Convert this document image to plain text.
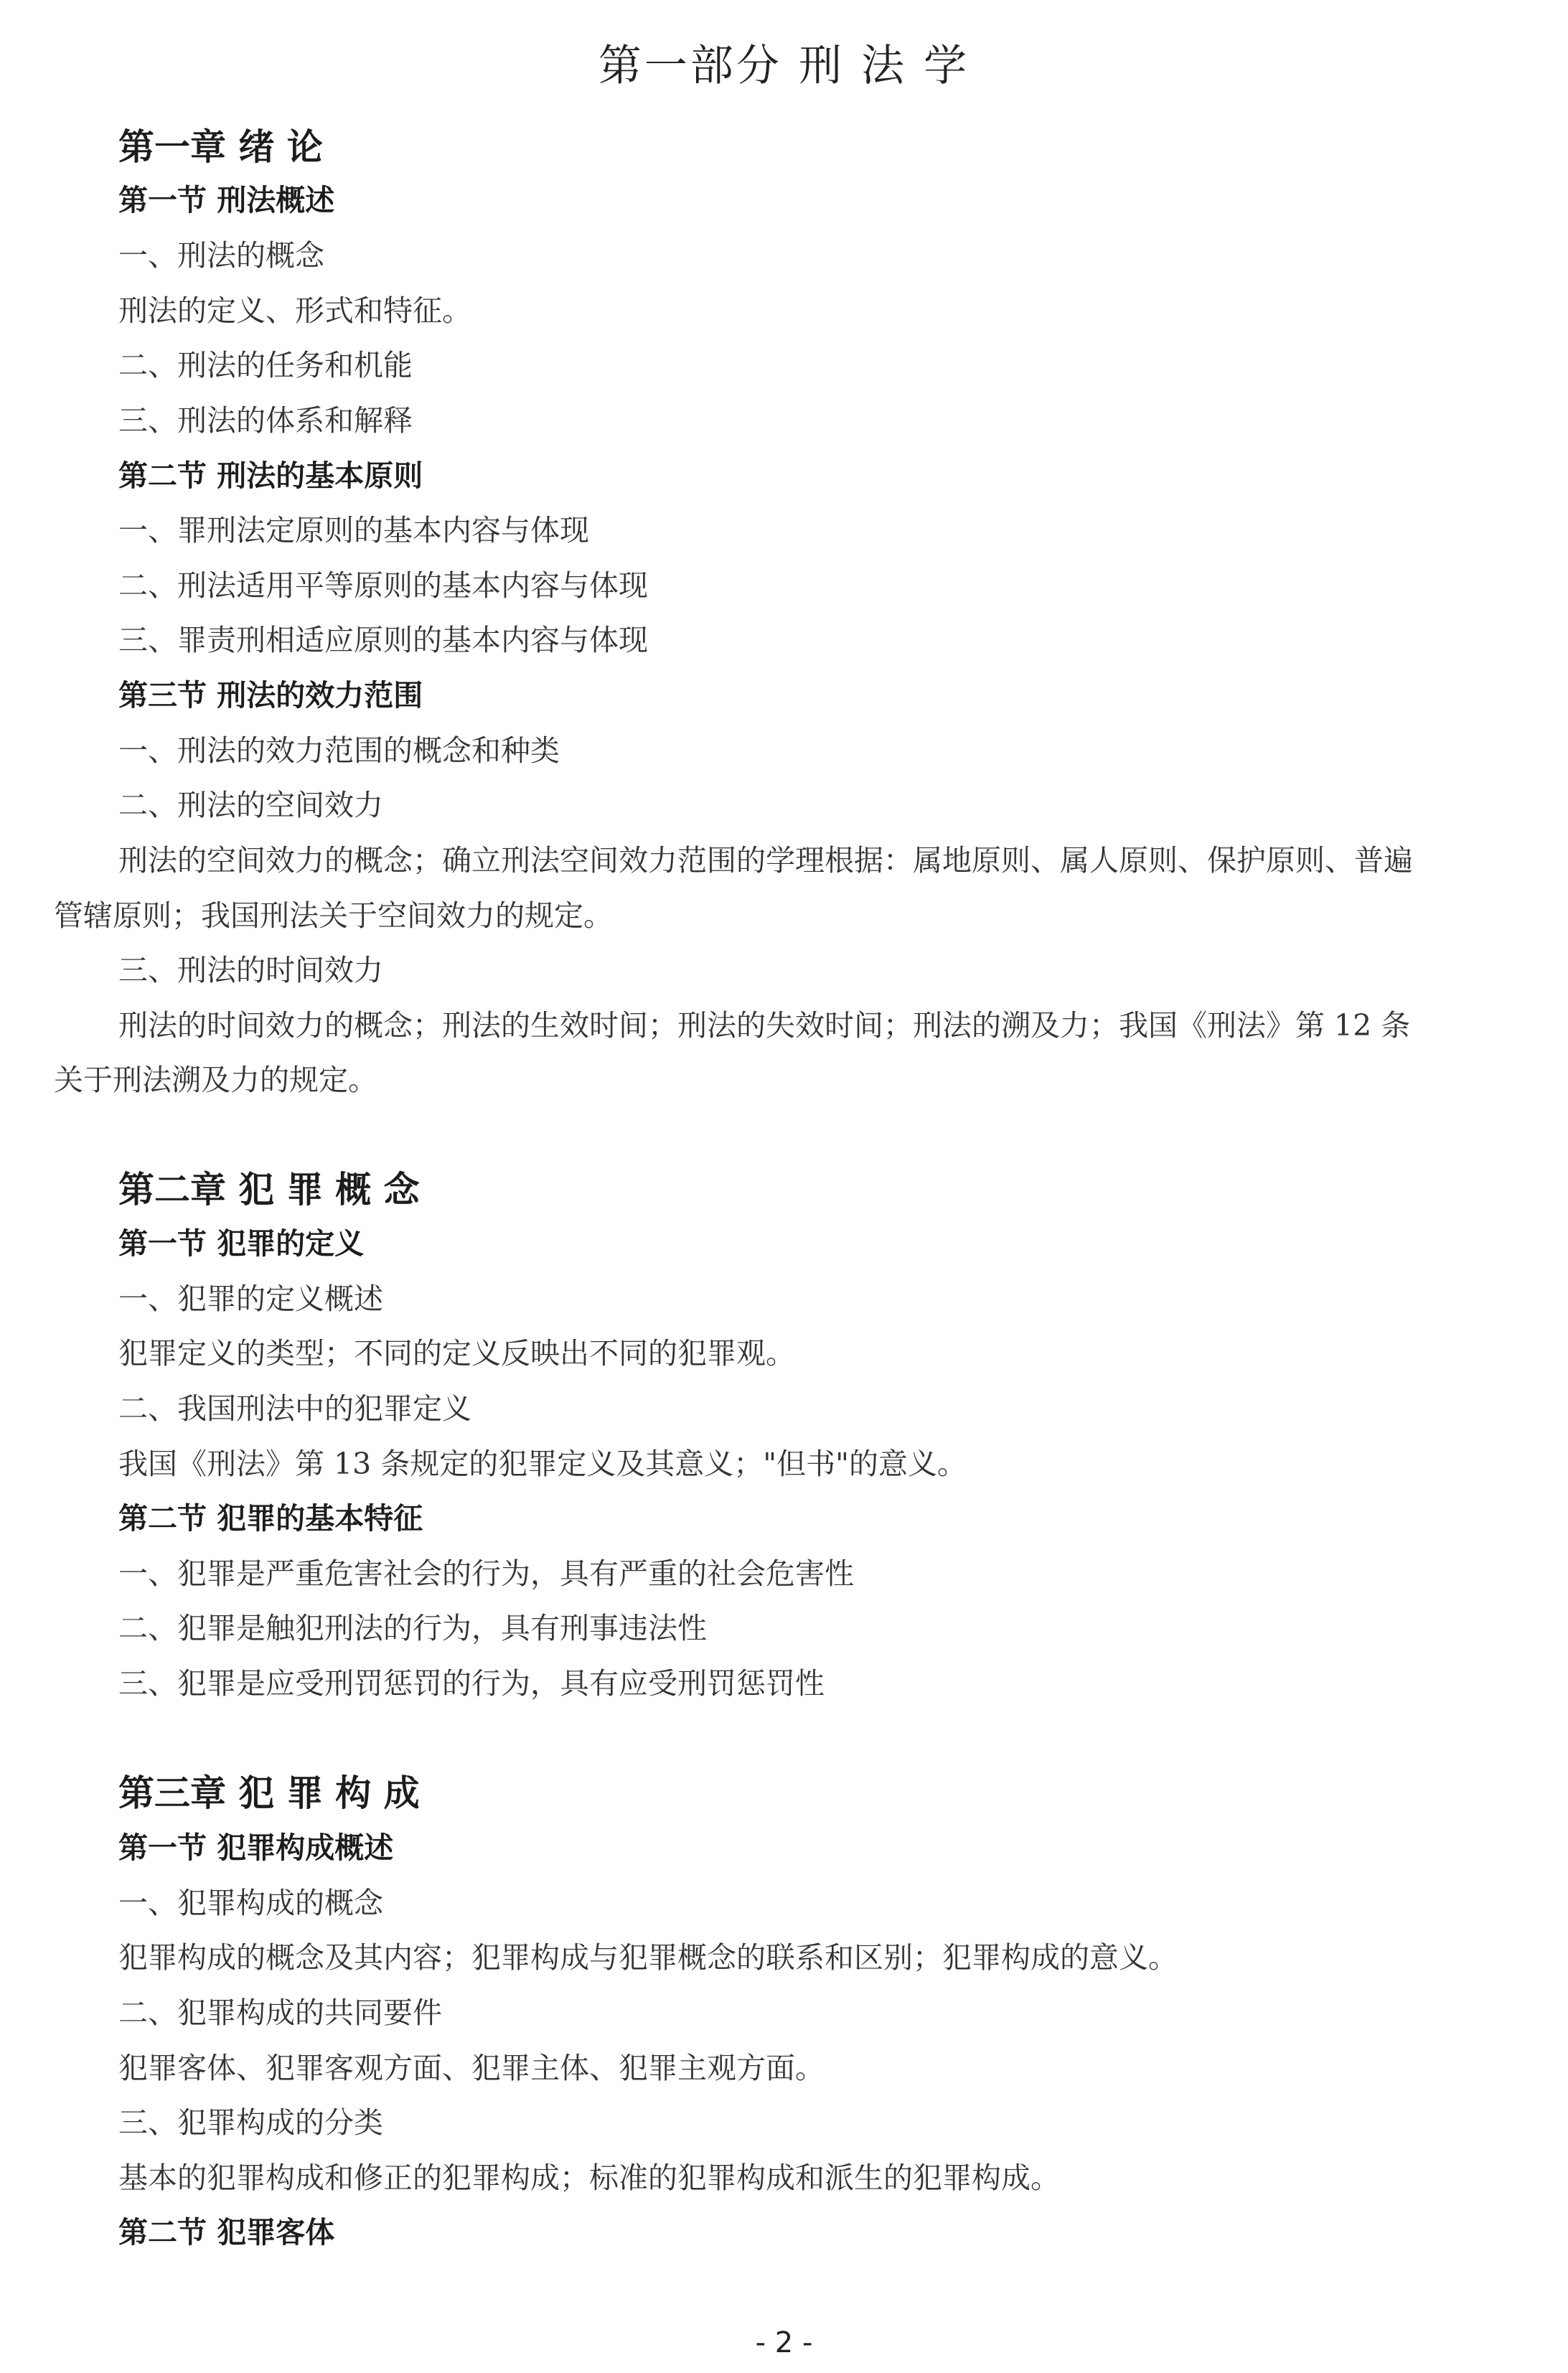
第一部分 刑 法 学
第一章 绪 论
第一节 刑法概述
一、刑法的概念
刑法的定义、形式和特征。
二、刑法的任务和机能
三、刑法的体系和解释
第二节 刑法的基本原则
一、罪刑法定原则的基本内容与体现
二、刑法适用平等原则的基本内容与体现
三、罪责刑相适应原则的基本内容与体现
第三节 刑法的效力范围
一、刑法的效力范围的概念和种类
二、刑法的空间效力
刑法的空间效力的概念；确立刑法空间效力范围的学理根据：属地原则、属人原则、保护原则、普遍
管辖原则；我国刑法关于空间效力的规定。
三、刑法的时间效力
刑法的时间效力的概念；刑法的生效时间；刑法的失效时间；刑法的溯及力；我国《刑法》第 12 条
关于刑法溯及力的规定。
第二章 犯 罪 概 念
第一节 犯罪的定义
一、犯罪的定义概述
犯罪定义的类型；不同的定义反映出不同的犯罪观。
二、我国刑法中的犯罪定义
我国《刑法》第 13 条规定的犯罪定义及其意义；"但书"的意义。
第二节 犯罪的基本特征
一、犯罪是严重危害社会的行为，具有严重的社会危害性
二、犯罪是触犯刑法的行为，具有刑事违法性
三、犯罪是应受刑罚惩罚的行为，具有应受刑罚惩罚性
第三章 犯 罪 构 成
第一节 犯罪构成概述
一、犯罪构成的概念
犯罪构成的概念及其内容；犯罪构成与犯罪概念的联系和区别；犯罪构成的意义。
二、犯罪构成的共同要件
犯罪客体、犯罪客观方面、犯罪主体、犯罪主观方面。
三、犯罪构成的分类
基本的犯罪构成和修正的犯罪构成；标准的犯罪构成和派生的犯罪构成。
第二节 犯罪客体
- 2 -
